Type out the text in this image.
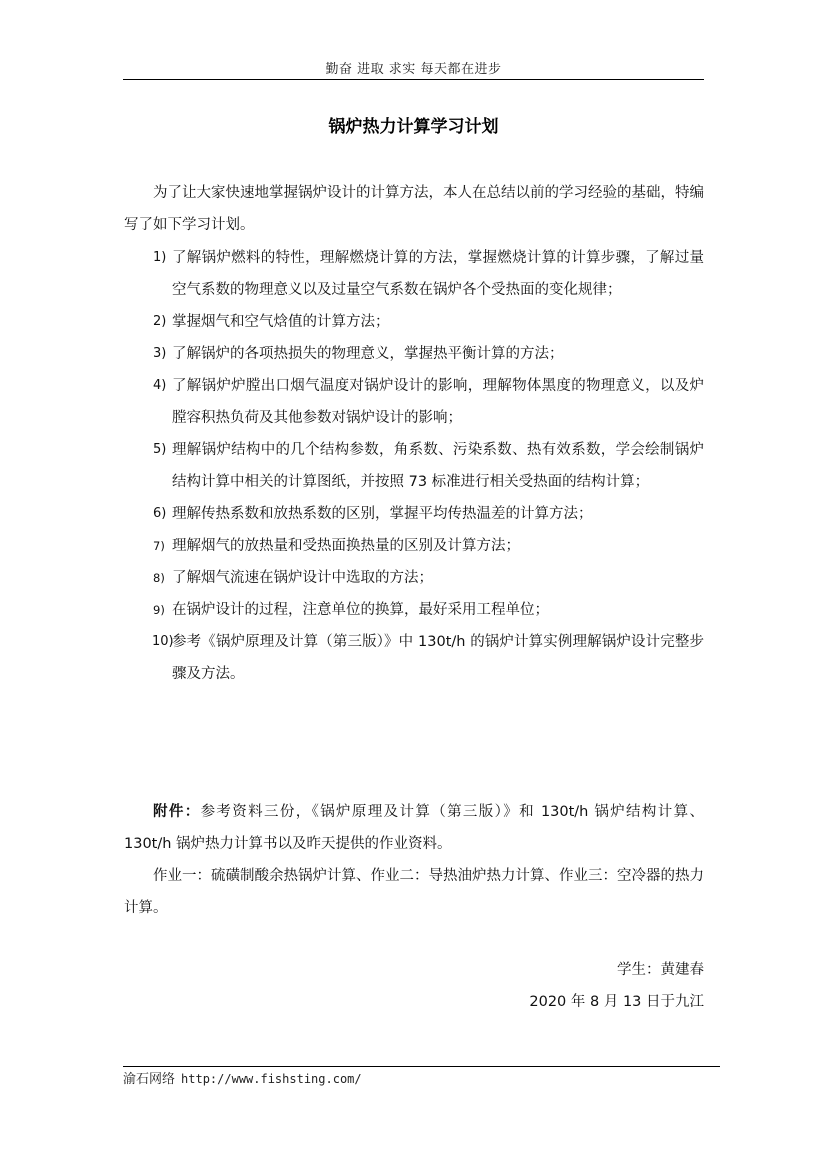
勤奋 进取 求实 每天都在进步
锅炉热力计算学习计划
为了让大家快速地掌握锅炉设计的计算方法，本人在总结以前的学习经验的基础，特编写了如下学习计划。
1) 了解锅炉燃料的特性，理解燃烧计算的方法，掌握燃烧计算的计算步骤，了解过量空气系数的物理意义以及过量空气系数在锅炉各个受热面的变化规律；
2) 掌握烟气和空气焓值的计算方法；
3) 了解锅炉的各项热损失的物理意义，掌握热平衡计算的方法；
4) 了解锅炉炉膛出口烟气温度对锅炉设计的影响，理解物体黑度的物理意义，以及炉膛容积热负荷及其他参数对锅炉设计的影响；
5) 理解锅炉结构中的几个结构参数，角系数、污染系数、热有效系数，学会绘制锅炉结构计算中相关的计算图纸，并按照 73 标准进行相关受热面的结构计算；
6) 理解传热系数和放热系数的区别，掌握平均传热温差的计算方法；
7) 理解烟气的放热量和受热面换热量的区别及计算方法；
8) 了解烟气流速在锅炉设计中选取的方法；
9) 在锅炉设计的过程，注意单位的换算，最好采用工程单位；
10)
参考《锅炉原理及计算（第三版）》中 130t/h 的锅炉计算实例理解锅炉设计完整步骤及方法。
附件：参考资料三份，《锅炉原理及计算（第三版）》和 130t/h 锅炉结构计算、130t/h 锅炉热力计算书以及昨天提供的作业资料。
作业一：硫磺制酸余热锅炉计算、作业二：导热油炉热力计算、作业三：空冷器的热力计算。
学生：黄建春
2020 年 8 月 13 日于九江
渝石网络 http://www.fishsting.com/
